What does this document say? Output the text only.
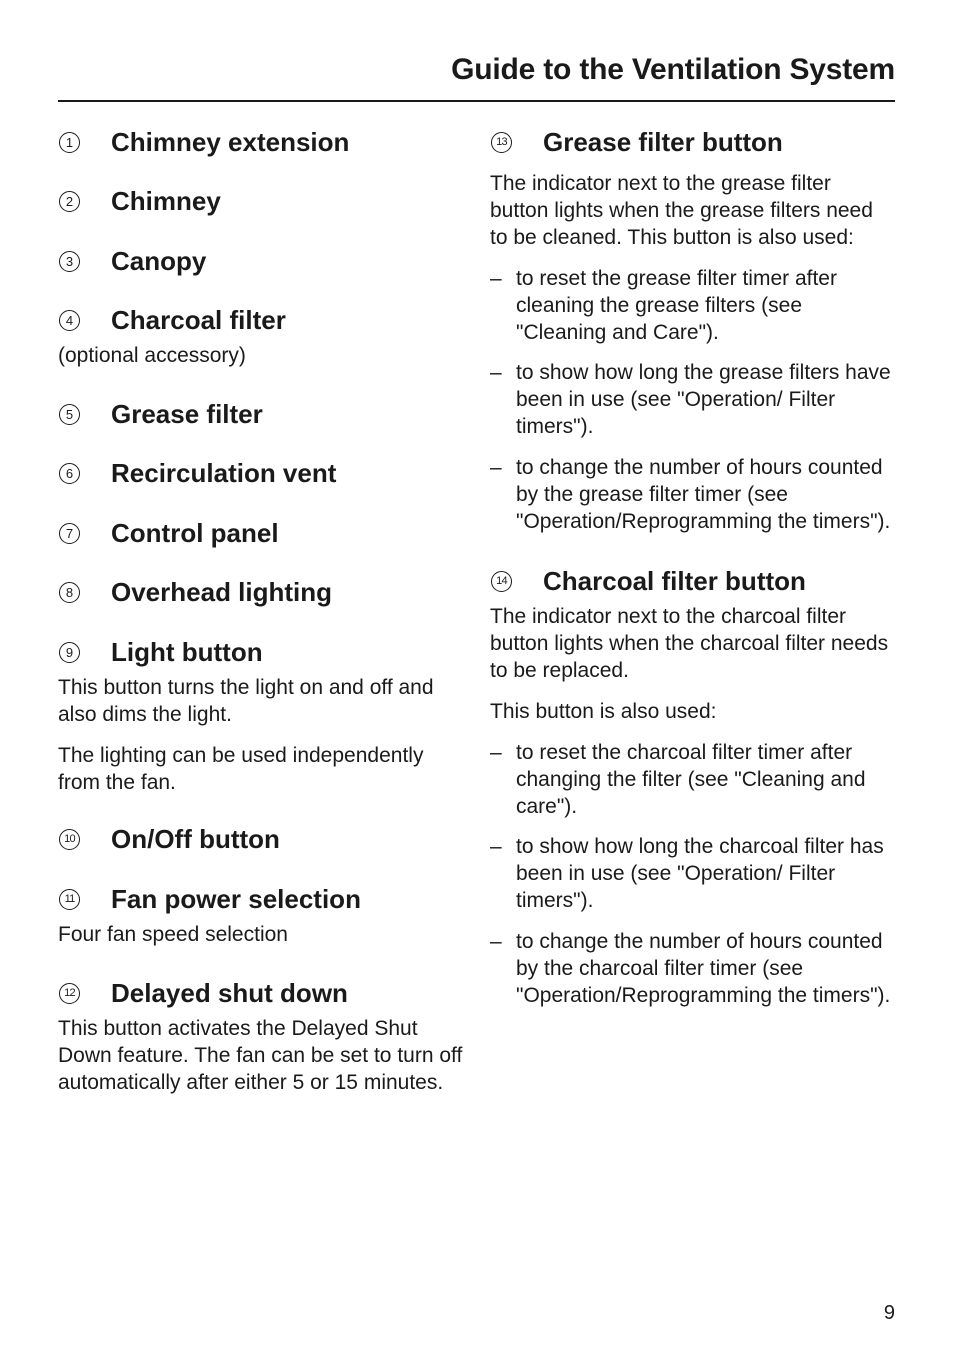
Guide to the Ventilation System
1 Chimney extension
2 Chimney
3 Canopy
4 Charcoal filter

(optional accessory)

5 Grease filter
6 Recirculation vent
7 Control panel
8 Overhead lighting
9 Light button

This button turns the light on and off and also dims the light.

The lighting can be used independently from the fan.

10 On/Off button
11 Fan power selection

Four fan speed selection

12 Delayed shut down

This button activates the Delayed Shut Down feature. The fan can be set to turn off automatically after either 5 or 15 minutes.

13 Grease filter button

The indicator next to the grease filter button lights when the grease filters need to be cleaned. This button is also used:

– to reset the grease filter timer after cleaning the grease filters (see "Cleaning and Care").
– to show how long the grease filters have been in use (see "Operation/ Filter timers").
– to change the number of hours counted by the grease filter timer (see "Operation/Reprogramming the timers").
14 Charcoal filter button

The indicator next to the charcoal filter button lights when the charcoal filter needs to be replaced.

This button is also used:

– to reset the charcoal filter timer after changing the filter (see "Cleaning and care").
– to show how long the charcoal filter has been in use (see "Operation/ Filter timers").
– to change the number of hours counted by the charcoal filter timer (see "Operation/Reprogramming the timers").

9
